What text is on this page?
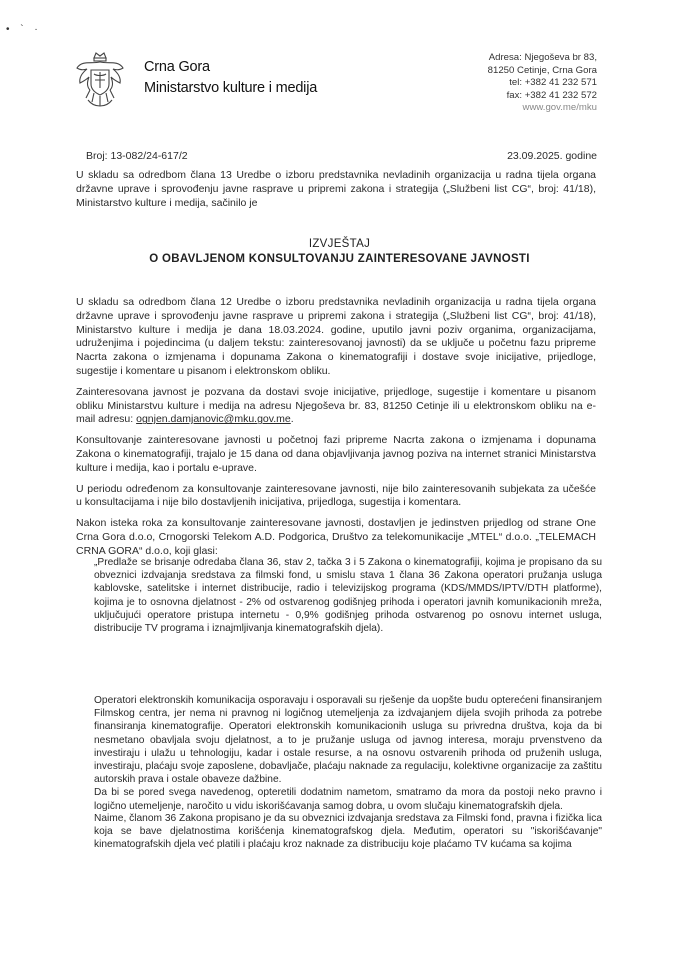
• ` ·
Crna Gora
Ministarstvo kulture i medija
Adresa: Njegoševa br 83,
81250 Cetinje, Crna Gora
tel: +382 41 232 571
fax: +382 41 232 572
www.gov.me/mku
Broj: 13-082/24-617/2	23.09.2025. godine

U skladu sa odredbom člana 13 Uredbe o izboru predstavnika nevladinih organizacija u radna tijela organa državne uprave i sprovođenju javne rasprave u pripremi zakona i strategija („Službeni list CG“, broj: 41/18), Ministarstvo kulture i medija, sačinilo je

IZVJEŠTAJ
O OBAVLJENOM KONSULTOVANJU ZAINTERESOVANE JAVNOSTI

U skladu sa odredbom člana 12 Uredbe o izboru predstavnika nevladinih organizacija u radna tijela organa državne uprave i sprovođenju javne rasprave u pripremi zakona i strategija („Službeni list CG“, broj: 41/18), Ministarstvo kulture i medija je dana 18.03.2024. godine, uputilo javni poziv organima, organizacijama, udruženjima i pojedincima (u daljem tekstu: zainteresovanoj javnosti) da se uključe u početnu fazu pripreme Nacrta zakona o izmjenama i dopunama Zakona o kinematografiji i dostave svoje inicijative, prijedloge, sugestije i komentare u pisanom i elektronskom obliku.

Zainteresovana javnost je pozvana da dostavi svoje inicijative, prijedloge, sugestije i komentare u pisanom obliku Ministarstvu kulture i medija na adresu Njegoševa br. 83, 81250 Cetinje ili u elektronskom obliku na e-mail adresu: ognjen.damjanovic@mku.gov.me.

Konsultovanje zainteresovane javnosti u početnoj fazi pripreme Nacrta zakona o izmjenama i dopunama Zakona o kinematografiji, trajalo je 15 dana od dana objavljivanja javnog poziva na internet stranici Ministarstva kulture i medija, kao i portalu e-uprave.

U periodu određenom za konsultovanje zainteresovane javnosti, nije bilo zainteresovanih subjekata za učešće u konsultacijama i nije bilo dostavljenih inicijativa, prijedloga, sugestija i komentara.

Nakon isteka roka za konsultovanje zainteresovane javnosti, dostavljen je jedinstven prijedlog od strane One Crna Gora d.o.o, Crnogorski Telekom A.D. Podgorica, Društvo za telekomunikacije „MTEL“ d.o.o. „TELEMACH CRNA GORA“ d.o.o, koji glasi:

„Predlaže se brisanje odredaba člana 36, stav 2, tačka 3 i 5 Zakona o kinematografiji, kojima je propisano da su obveznici izdvajanja sredstava za filmski fond, u smislu stava 1 člana 36 Zakona operatori pružanja usluga kablovske, satelitske i internet distribucije, radio i televizijskog programa (KDS/MMDS/IPTV/DTH platforme), kojima je to osnovna djelatnost - 2% od ostvarenog godišnjeg prihoda i operatori javnih komunikacionih mreža, uključujući operatore pristupa internetu - 0,9% godišnjeg prihoda ostvarenog po osnovu internet usluga, distribucije TV programa i iznajmljivanja kinematografskih djela).

Operatori elektronskih komunikacija osporavaju i osporavali su rješenje da uopšte budu opterećeni finansiranjem Filmskog centra, jer nema ni pravnog ni logičnog utemeljenja za izdvajanjem dijela svojih prihoda za potrebe finansiranja kinematografije. Operatori elektronskih komunikacionih usluga su privredna društva, koja da bi nesmetano obavljala svoju djelatnost, a to je pružanje usluga od javnog interesa, moraju prvenstveno da investiraju i ulažu u tehnologiju, kadar i ostale resurse, a na osnovu ostvarenih prihoda od pruženih usluga, investiraju, plaćaju svoje zaposlene, dobavljače, plaćaju naknade za regulaciju, kolektivne organizacije za zaštitu autorskih prava i ostale obaveze dažbine.

Da bi se pored svega navedenog, opteretili dodatnim nametom, smatramo da mora da postoji neko pravno i logično utemeljenje, naročito u vidu iskorišćavanja samog dobra, u ovom slučaju kinematografskih djela.

Naime, članom 36 Zakona propisano je da su obveznici izdvajanja sredstava za Filmski fond, pravna i fizička lica koja se bave djelatnostima korišćenja kinematografskog djela. Međutim, operatori su "iskorišćavanje" kinematografskih djela već platili i plaćaju kroz naknade za distribuciju koje plaćamo TV kućama sa kojima
